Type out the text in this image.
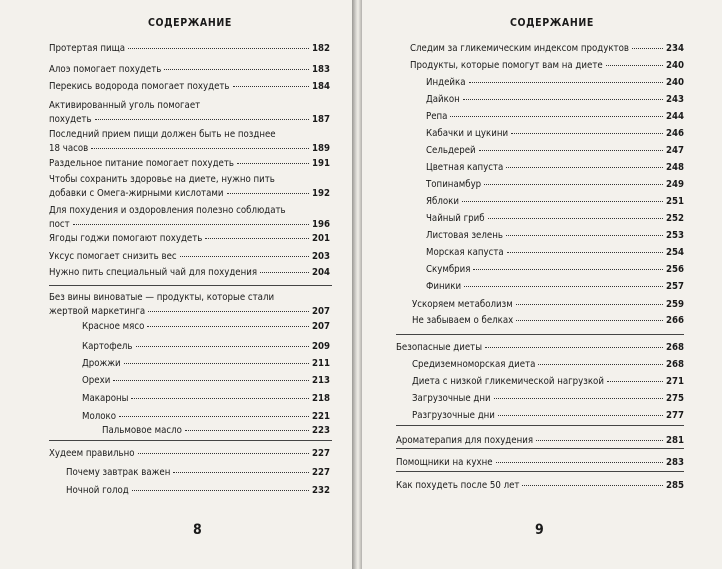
СОДЕРЖАНИЕ
Протертая пища	182
Алоэ помогает похудеть	183
Перекись водорода помогает похудеть	184
Активированный уголь помогает
похудеть	187
Последний прием пищи должен быть не позднее
18 часов	189
Раздельное питание помогает похудеть	191
Чтобы сохранить здоровье на диете, нужно пить
добавки с Омега-жирными кислотами	192
Для похудения и оздоровления полезно соблюдать
пост	196
Ягоды годжи помогают похудеть	201
Уксус помогает снизить вес	203
Нужно пить специальный чай для похудения	204
Без вины виноватые — продукты, которые стали
жертвой маркетинга	207
Красное мясо	207
Картофель	209
Дрожжи	211
Орехи	213
Макароны	218
Молоко	221
Пальмовое масло	223
Худеем правильно	227
Почему завтрак важен	227
Ночной голод	232
8
СОДЕРЖАНИЕ
Следим за гликемическим индексом продуктов	234
Продукты, которые помогут вам на диете	240
Индейка	240
Дайкон	243
Репа	244
Кабачки и цукини	246
Сельдерей	247
Цветная капуста	248
Топинамбур	249
Яблоки	251
Чайный гриб	252
Листовая зелень	253
Морская капуста	254
Скумбрия	256
Финики	257
Ускоряем метаболизм	259
Не забываем о белках	266
Безопасные диеты	268
Средиземноморская диета	268
Диета с низкой гликемической нагрузкой	271
Загрузочные дни	275
Разгрузочные дни	277
Ароматерапия для похудения	281
Помощники на кухне	283
Как похудеть после 50 лет	285
9
